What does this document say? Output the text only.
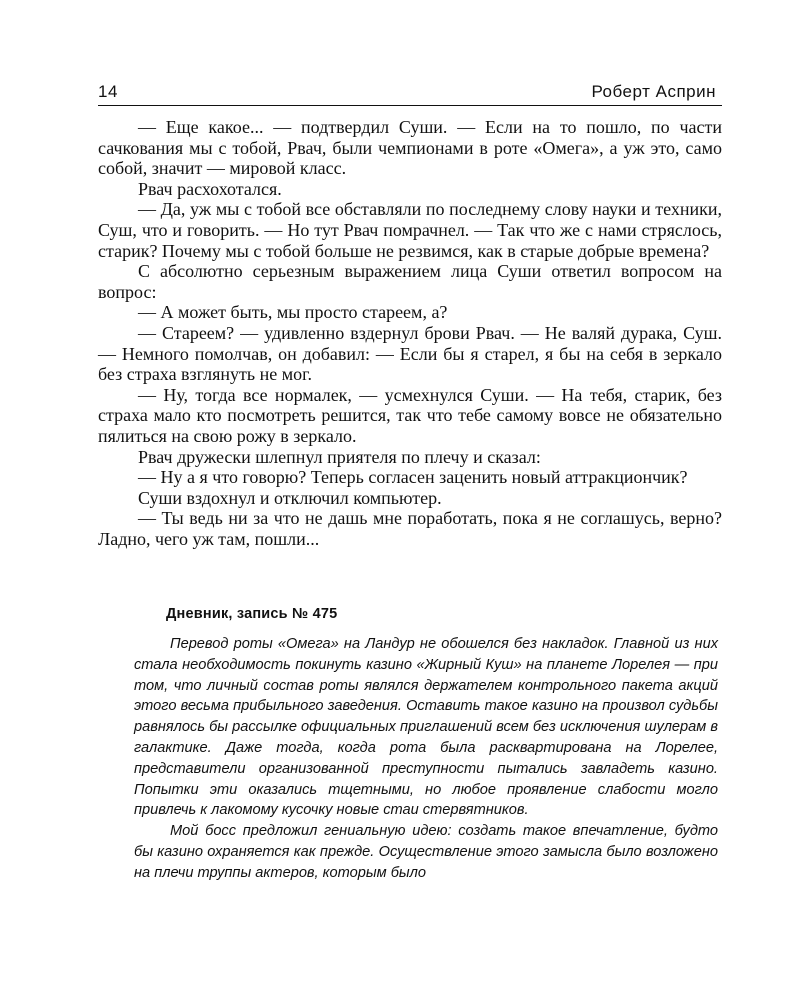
14	Роберт Асприн

— Еще какое... — подтвердил Суши. — Если на то пошло, по части сачкования мы с тобой, Рвач, были чемпионами в роте «Омега», а уж это, само собой, значит — мировой класс.

Рвач расхохотался.

— Да, уж мы с тобой все обставляли по последнему слову науки и техники, Суш, что и говорить. — Но тут Рвач помрачнел. — Так что же с нами стряслось, старик? Почему мы с тобой больше не резвимся, как в старые добрые времена?

С абсолютно серьезным выражением лица Суши ответил вопросом на вопрос:

— А может быть, мы просто стареем, а?

— Стареем? — удивленно вздернул брови Рвач. — Не валяй дурака, Суш. — Немного помолчав, он добавил: — Если бы я старел, я бы на себя в зеркало без страха взглянуть не мог.

— Ну, тогда все нормалек, — усмехнулся Суши. — На тебя, старик, без страха мало кто посмотреть решится, так что тебе самому вовсе не обязательно пялиться на свою рожу в зеркало.

Рвач дружески шлепнул приятеля по плечу и сказал:

— Ну а я что говорю? Теперь согласен заценить новый аттракциончик?

Суши вздохнул и отключил компьютер.

— Ты ведь ни за что не дашь мне поработать, пока я не соглашусь, верно? Ладно, чего уж там, пошли...

Дневник, запись № 475

Перевод роты «Омега» на Ландур не обошелся без накладок. Главной из них стала необходимость покинуть казино «Жирный Куш» на планете Лорелея — при том, что личный состав роты являлся держателем контрольного пакета акций этого весьма прибыльного заведения. Оставить такое казино на произвол судьбы равнялось бы рассылке официальных приглашений всем без исключения шулерам в галактике. Даже тогда, когда рота была расквартирована на Лорелее, представители организованной преступности пытались завладеть казино. Попытки эти оказались тщетными, но любое проявление слабости могло привлечь к лакомому кусочку новые стаи стервятников.

Мой босс предложил гениальную идею: создать такое впечатление, будто бы казино охраняется как прежде. Осуществление этого замысла было возложено на плечи труппы актеров, которым было
